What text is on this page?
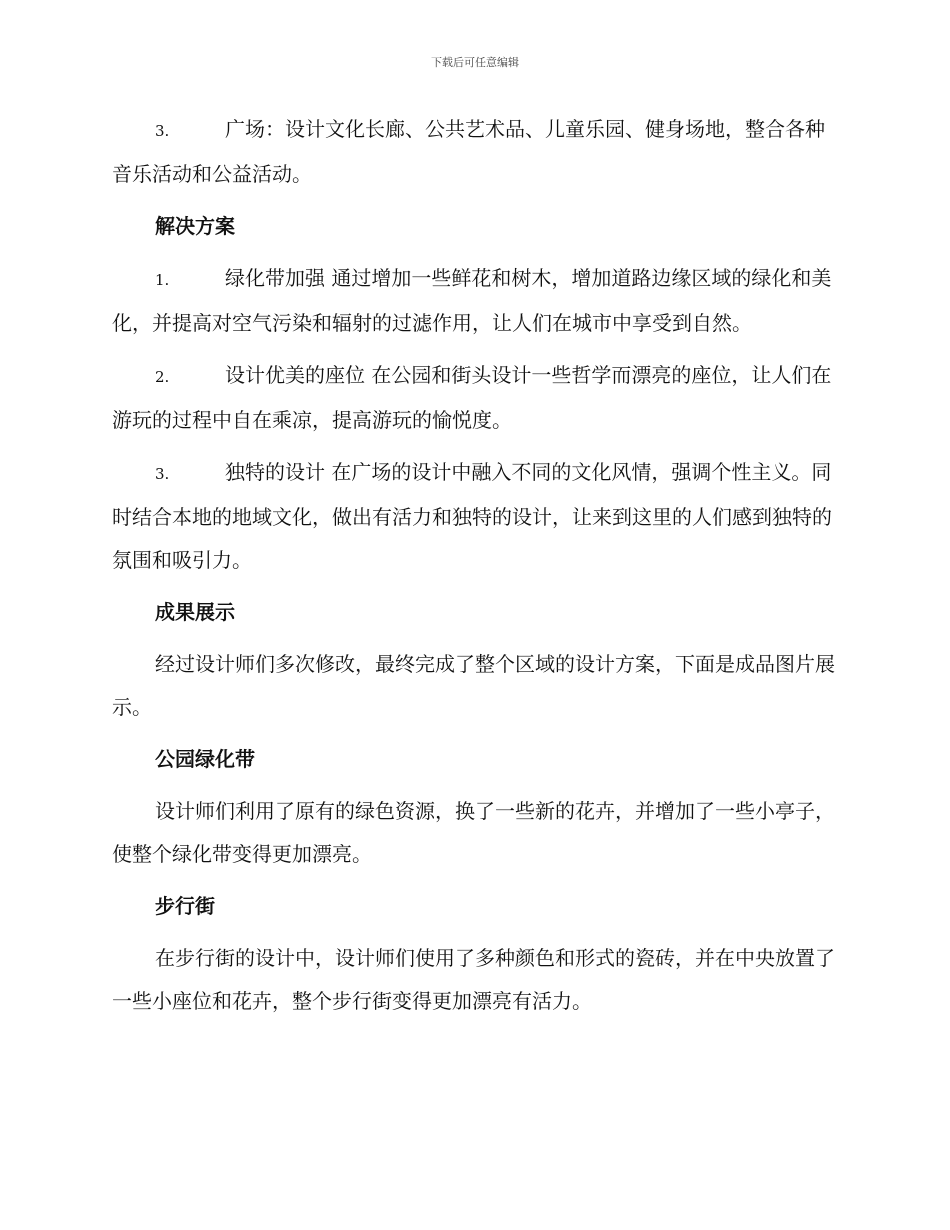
下载后可任意编辑

3.	广场：设计文化长廊、公共艺术品、儿童乐园、健身场地，整合各种音乐活动和公益活动。

解决方案

1.	绿化带加强 通过增加一些鲜花和树木，增加道路边缘区域的绿化和美化，并提高对空气污染和辐射的过滤作用，让人们在城市中享受到自然。

2.	设计优美的座位 在公园和街头设计一些哲学而漂亮的座位，让人们在游玩的过程中自在乘凉，提高游玩的愉悦度。

3.	独特的设计 在广场的设计中融入不同的文化风情，强调个性主义。同时结合本地的地域文化，做出有活力和独特的设计，让来到这里的人们感到独特的氛围和吸引力。

成果展示

经过设计师们多次修改，最终完成了整个区域的设计方案，下面是成品图片展示。

公园绿化带

设计师们利用了原有的绿色资源，换了一些新的花卉，并增加了一些小亭子，使整个绿化带变得更加漂亮。

步行街

在步行街的设计中，设计师们使用了多种颜色和形式的瓷砖，并在中央放置了一些小座位和花卉，整个步行街变得更加漂亮有活力。
